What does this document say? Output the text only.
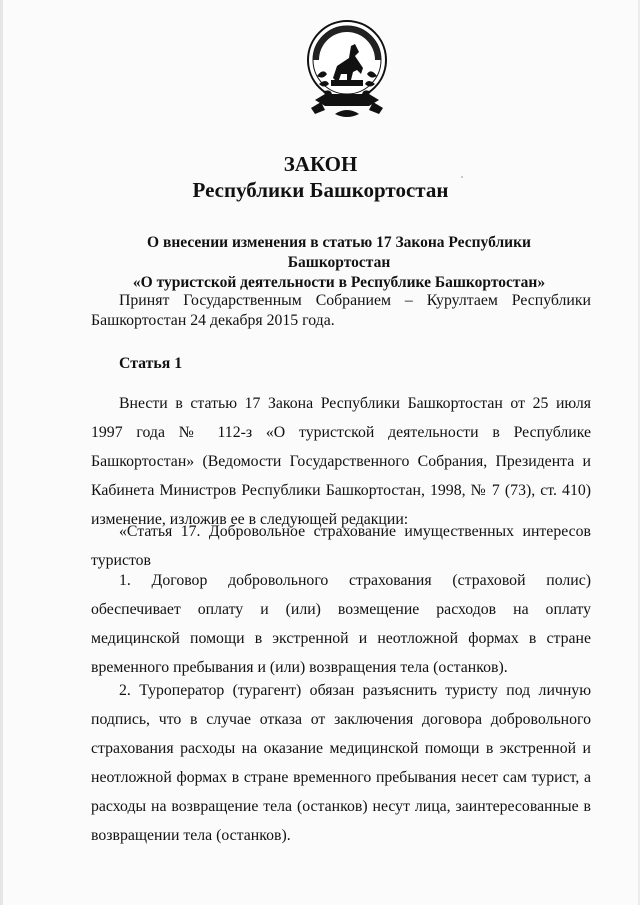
ЗАКОН
Республики Башкортостан
О внесении изменения в статью 17 Закона Республики Башкортостан
«О туристской деятельности в Республике Башкортостан»
Принят Государственным Собранием – Курултаем Республики Башкортостан 24 декабря 2015 года.
Статья 1
Внести в статью 17 Закона Республики Башкортостан от 25 июля 1997 года № 112-з «О туристской деятельности в Республике Башкортостан» (Ведомости Государственного Собрания, Президента и Кабинета Министров Республики Башкортостан, 1998, № 7 (73), ст. 410) изменение, изложив ее в следующей редакции:
«Статья 17. Добровольное страхование имущественных интересов туристов
1. Договор добровольного страхования (страховой полис) обеспечивает оплату и (или) возмещение расходов на оплату медицинской помощи в экстренной и неотложной формах в стране временного пребывания и (или) возвращения тела (останков).
2. Туроператор (турагент) обязан разъяснить туристу под личную подпись, что в случае отказа от заключения договора добровольного страхования расходы на оказание медицинской помощи в экстренной и неотложной формах в стране временного пребывания несет сам турист, а расходы на возвращение тела (останков) несут лица, заинтересованные в возвращении тела (останков).
